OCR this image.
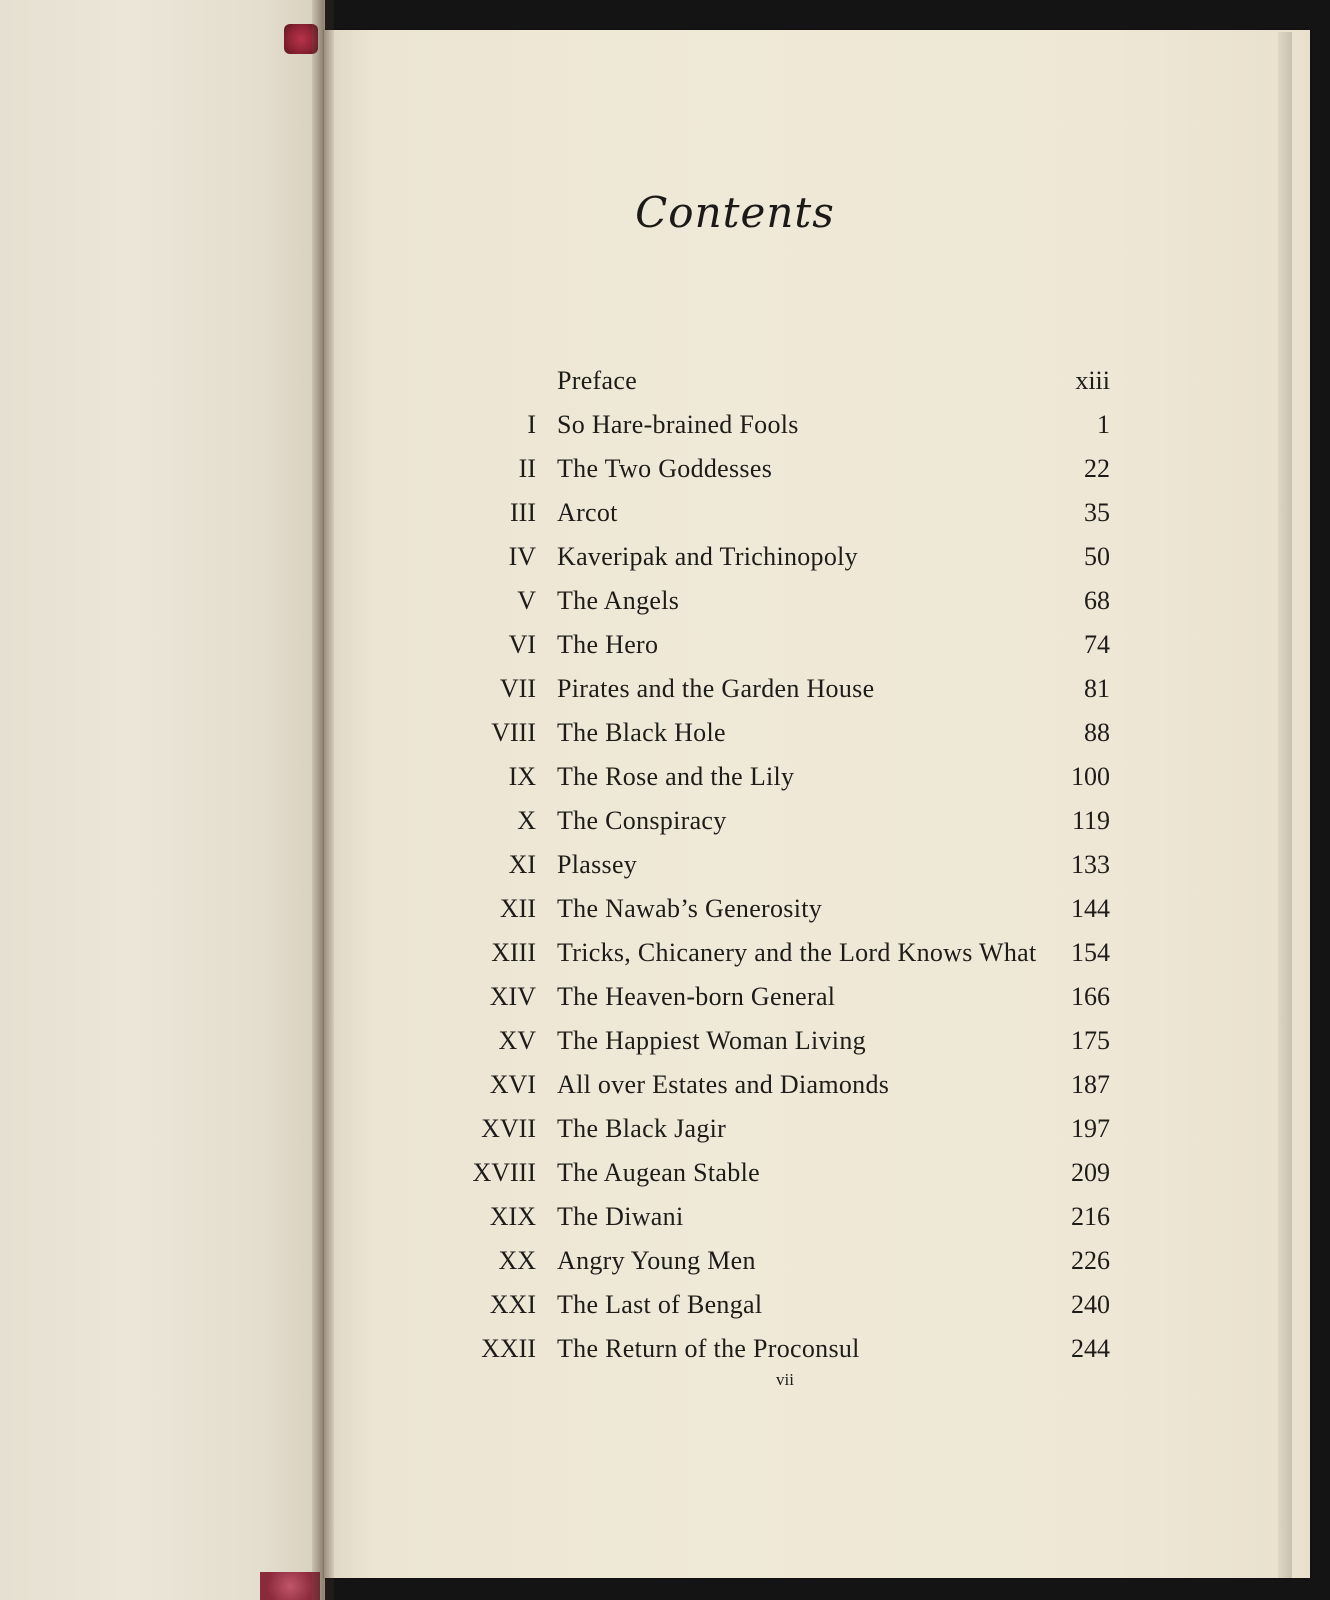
Contents
Preface	xiii
I So Hare-brained Fools	1
II The Two Goddesses	22
III Arcot	35
IV Kaveripak and Trichinopoly	50
V The Angels	68
VI The Hero	74
VII Pirates and the Garden House	81
VIII The Black Hole	88
IX The Rose and the Lily	100
X The Conspiracy	119
XI Plassey	133
XII The Nawab’s Generosity	144
XIII Tricks, Chicanery and the Lord Knows What	154
XIV The Heaven-born General	166
XV The Happiest Woman Living	175
XVI All over Estates and Diamonds	187
XVII The Black Jagir	197
XVIII The Augean Stable	209
XIX The Diwani	216
XX Angry Young Men	226
XXI The Last of Bengal	240
XXII The Return of the Proconsul	244
vii
